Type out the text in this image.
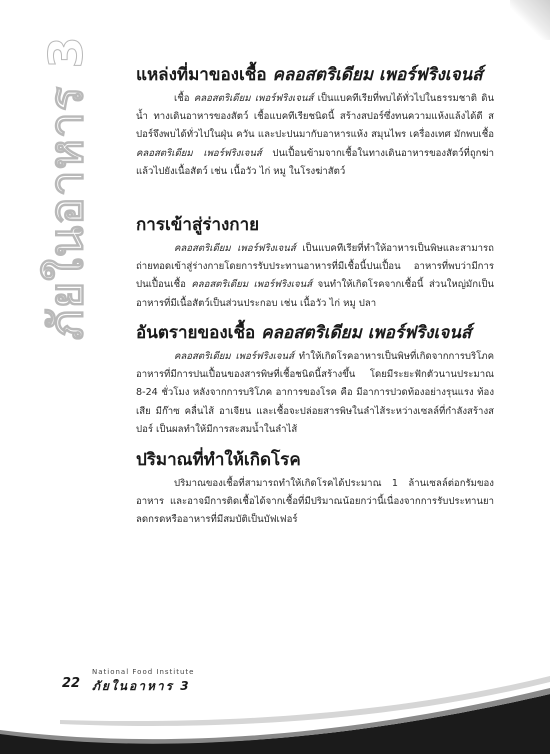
ภัยในอาหาร 3	แหล่งที่มาของเชื้อ คลอสตริเดียม เพอร์ฟริงเจนส์

เชื้อ คลอสตริเดียม เพอร์ฟริงเจนส์ เป็นแบคทีเรียที่พบได้ทั่วไปในธรรมชาติ ดิน น้ำ ทางเดินอาหารของสัตว์ เชื้อแบคทีเรียชนิดนี้ สร้างสปอร์ซึ่งทนความแห้งแล้งได้ดี สปอร์จึงพบได้ทั่วไปในฝุ่น ควัน และปะปนมากับอาหารแห้ง สมุนไพร เครื่องเทศ มักพบเชื้อ คลอสตริเดียม เพอร์ฟริงเจนส์ ปนเปื้อนข้ามจากเชื้อในทางเดินอาหารของสัตว์ที่ถูกฆ่าแล้วไปยังเนื้อสัตว์ เช่น เนื้อวัว ไก่ หมู ในโรงฆ่าสัตว์

การเข้าสู่ร่างกาย

คลอสตริเดียม เพอร์ฟริงเจนส์ เป็นแบคทีเรียที่ทำให้อาหารเป็นพิษและสามารถถ่ายทอดเข้าสู่ร่างกายโดยการรับประทานอาหารที่มีเชื้อนี้ปนเปื้อน อาหารที่พบว่ามีการปนเปื้อนเชื้อ คลอสตริเดียม เพอร์ฟริงเจนส์ จนทำให้เกิดโรคจากเชื้อนี้ ส่วนใหญ่มักเป็นอาหารที่มีเนื้อสัตว์เป็นส่วนประกอบ เช่น เนื้อวัว ไก่ หมู ปลา

อันตรายของเชื้อ คลอสตริเดียม เพอร์ฟริงเจนส์

คลอสตริเดียม เพอร์ฟริงเจนส์ ทำให้เกิดโรคอาหารเป็นพิษที่เกิดจากการบริโภคอาหารที่มีการปนเปื้อนของสารพิษที่เชื้อชนิดนี้สร้างขึ้น โดยมีระยะฟักตัวนานประมาณ 8-24 ชั่วโมง หลังจากการบริโภค อาการของโรค คือ มีอาการปวดท้องอย่างรุนแรง ท้องเสีย มีก๊าซ คลื่นไส้ อาเจียน และเชื้อจะปล่อยสารพิษในลำไส้ระหว่างเซลล์ที่กำลังสร้างสปอร์ เป็นผลทำให้มีการสะสมน้ำในลำไส้

ปริมาณที่ทำให้เกิดโรค

ปริมาณของเชื้อที่สามารถทำให้เกิดโรคได้ประมาณ 1 ล้านเซลล์ต่อกรัมของอาหาร และอาจมีการติดเชื้อได้จากเชื้อที่มีปริมาณน้อยกว่านี้เนื่องจากการรับประทานยาลดกรดหรืออาหารที่มีสมบัติเป็นบัฟเฟอร์

22
National Food Institute
ภัยในอาหาร 3
